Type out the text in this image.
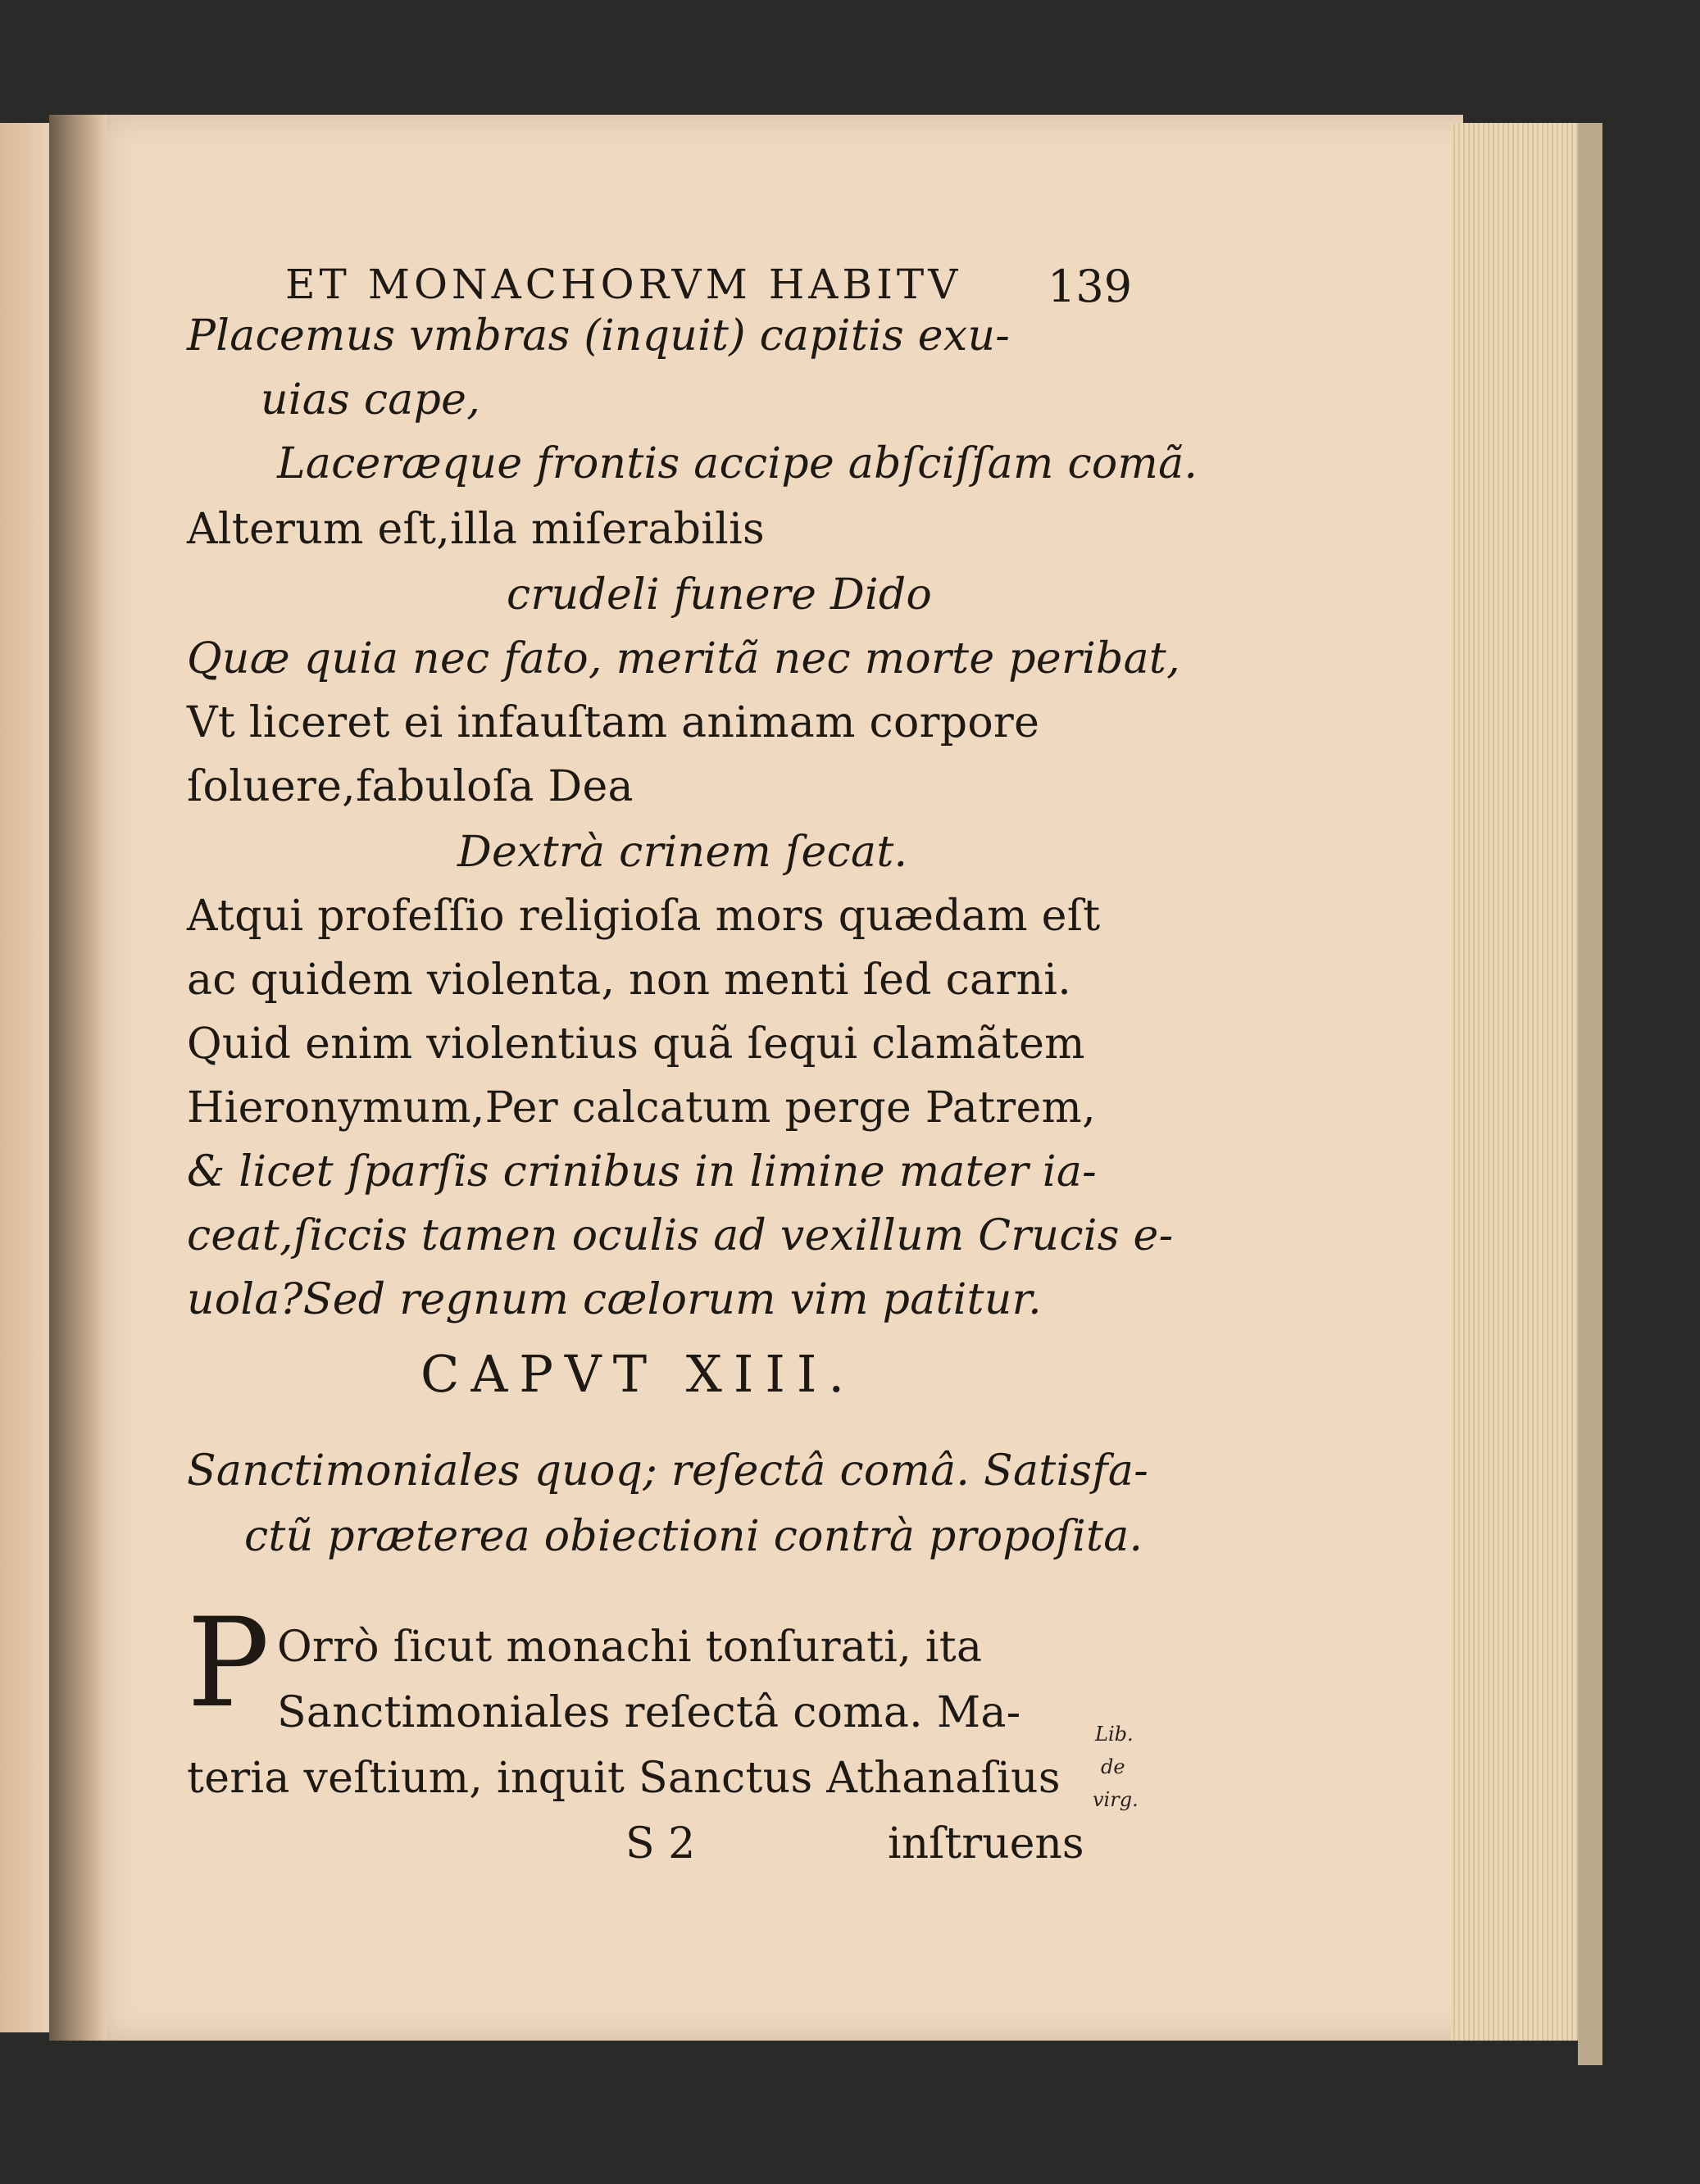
ET MONACHORVM HABITV 139
Placemus vmbras (inquit) capitis exu-
uias cape,
Laceræque frontis accipe abſciſſam comã.
Alterum eſt,illa miſerabilis
crudeli funere Dido
Quæ quia nec fato, meritã nec morte peribat,
Vt liceret ei infauſtam animam corpore
ſoluere,fabuloſa Dea
Dextrà crinem ſecat.
Atqui profeſſio religioſa mors quædam eſt
ac quidem violenta, non menti ſed carni.
Quid enim violentius quã ſequi clamãtem
Hieronymum,Per calcatum perge Patrem,
& licet ſparſis crinibus in limine mater ia-
ceat,ſiccis tamen oculis ad vexillum Crucis e-
uola?Sed regnum cælorum vim patitur.
CAPVT XIII.
Sanctimoniales quoq; reſectâ comâ. Satisfa-
ctũ præterea obiectioni contrà propoſita.
P Orrò ſicut monachi tonſurati, ita
Sanctimoniales reſectâ coma. Ma-
teria veſtium, inquit Sanctus Athanaſius
S 2	inſtruens
Lib.
de
virg.
